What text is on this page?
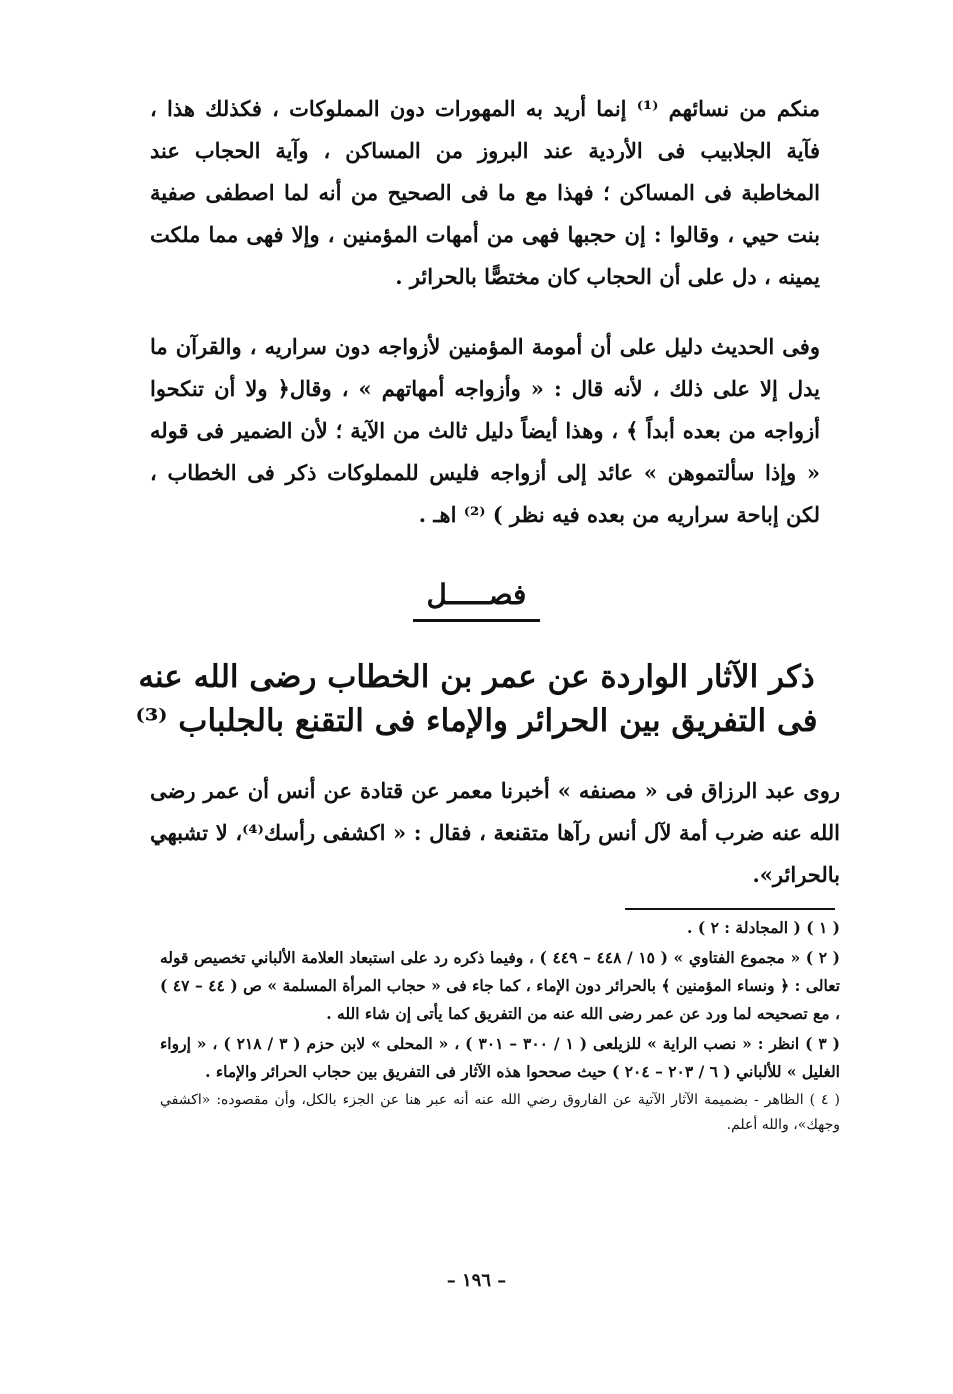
منكم من نسائهم ⁽¹⁾ إنما أريد به المهورات دون المملوكات ، فكذلك هذا ، فآية الجلابيب فى الأردية عند البروز من المساكن ، وآية الحجاب عند المخاطبة فى المساكن ؛ فهذا مع ما فى الصحيح من أنه لما اصطفى صفية بنت حيي ، وقالوا : إن حجبها فهى من أمهات المؤمنين ، وإلا فهى مما ملكت يمينه ، دل على أن الحجاب كان مختصًّا بالحرائر .

وفى الحديث دليل على أن أمومة المؤمنين لأزواجه دون سراريه ، والقرآن ما يدل إلا على ذلك ، لأنه قال : « وأزواجه أمهاتهم » ، وقال﴿ ولا أن تنكحوا أزواجه من بعده أبداً ﴾ ، وهذا أيضاً دليل ثالث من الآية ؛ لأن الضمير فى قوله « وإذا سألتموهن » عائد إلى أزواجه فليس للمملوكات ذكر فى الخطاب ، لكن إباحة سراريه من بعده فيه نظر ) ⁽²⁾ اهـ .

فصـــــل
ذكر الآثار الواردة عن عمر بن الخطاب رضى الله عنه
فى التفريق بين الحرائر والإماء فى التقنع بالجلباب ⁽³⁾

روى عبد الرزاق فى « مصنفه » أخبرنا معمر عن قتادة عن أنس أن عمر رضى الله عنه ضرب أمة لآل أنس رآها متقنعة ، فقال : « اكشفى رأسك⁽⁴⁾، لا تشبهي بالحرائر».

( ١ ) ( المجادلة : ٢ ) .
( ٢ ) « مجموع الفتاوي » ( ١٥ / ٤٤٨ – ٤٤٩ ) ، وفيما ذكره رد على استبعاد العلامة الألباني تخصيص قوله تعالى : ﴿ ونساء المؤمنين ﴾ بالحرائر دون الإماء ، كما جاء فى « حجاب المرأة المسلمة » ص ( ٤٤ – ٤٧ ) ، مع تصحيحه لما ورد عن عمر رضى الله عنه من التفريق كما يأتى إن شاء الله .
( ٣ ) انظر : « نصب الراية » للزيلعى ( ١ / ٣٠٠ – ٣٠١ ) ، « المحلى » لابن حزم ( ٣ / ٢١٨ ) ، « إرواء الغليل » للألباني ( ٦ / ٢٠٣ – ٢٠٤ ) حيث صححوا هذه الآثار فى التفريق بين حجاب الحرائر والإماء .
( ٤ ) الظاهر - بضميمة الآثار الآتية عن الفاروق رضي الله عنه أنه عبر هنا عن الجزء بالكل، وأن مقصوده: «اكشفي وجهك»، والله أعلم.
– ١٩٦ –
